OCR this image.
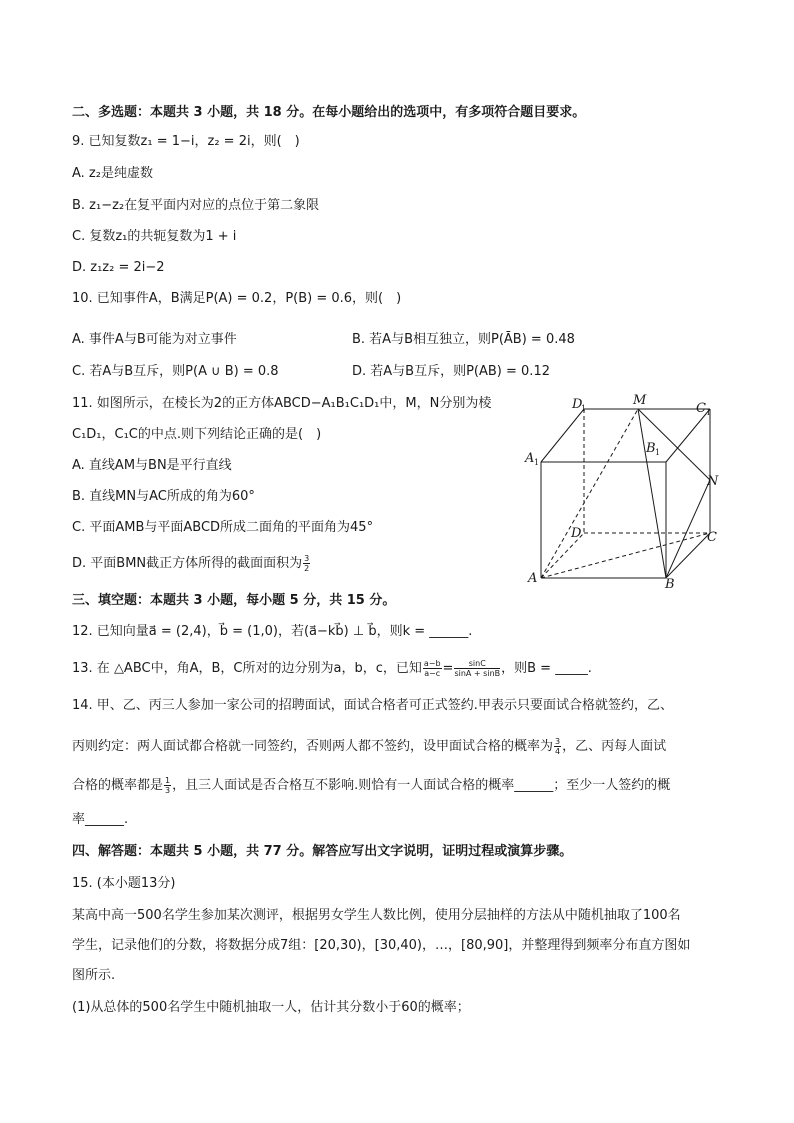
二、多选题：本题共 3 小题，共 18 分。在每小题给出的选项中，有多项符合题目要求。
9. 已知复数z₁ = 1−i，z₂ = 2i，则(　)
A. z₂是纯虚数
B. z₁−z₂在复平面内对应的点位于第二象限
C. 复数z₁的共轭复数为1 + i
D. z₁z₂ = 2i−2
10. 已知事件A，B满足P(A) = 0.2，P(B) = 0.6，则(　)
A. 事件A与B可能为对立事件	B. 若A与B相互独立，则P(ĀB) = 0.48
C. 若A与B互斥，则P(A ∪ B) = 0.8	D. 若A与B互斥，则P(AB) = 0.12
11. 如图所示，在棱长为2的正方体ABCD−A₁B₁C₁D₁中，M，N分别为棱
C₁D₁，C₁C的中点.则下列结论正确的是(　)
A. 直线AM与BN是平行直线
B. 直线MN与AC所成的角为60°
C. 平面AMB与平面ABCD所成二面角的平面角为45°
D. 平面BMN截正方体所得的截面面积为 $\frac{3}{2}$
D
1
M
C 1
B 1
A 1
N
D	C
A	B
三、填空题：本题共 3 小题，每小题 5 分，共 15 分。
12. 已知向量a⃗ = (2,4)，b⃗ = (1,0)，若(a⃗−kb⃗) ⊥ b⃗，则k = ______.
13. 在 △ABC中，角A，B，C所对的边分别为a，b，c，已知 $\frac{a-b}{a-c} = \frac{\sin C}{\sin A + \sin B}$ ，则B = _____.
14. 甲、乙、丙三人参加一家公司的招聘面试，面试合格者可正式签约.甲表示只要面试合格就签约，乙、
丙则约定：两人面试都合格就一同签约，否则两人都不签约，设甲面试合格的概率为 $\frac{3}{4}$ ，乙、丙每人面试
合格的概率都是 $\frac{1}{3}$ ，且三人面试是否合格互不影响.则恰有一人面试合格的概率______；至少一人签约的概
率______.
四、解答题：本题共 5 小题，共 77 分。解答应写出文字说明，证明过程或演算步骤。
15. (本小题13分)
某高中高一500名学生参加某次测评，根据男女学生人数比例，使用分层抽样的方法从中随机抽取了100名
学生，记录他们的分数，将数据分成7组：[20,30)，[30,40)，…，[80,90]，并整理得到频率分布直方图如
图所示.
(1)从总体的500名学生中随机抽取一人，估计其分数小于60的概率；
